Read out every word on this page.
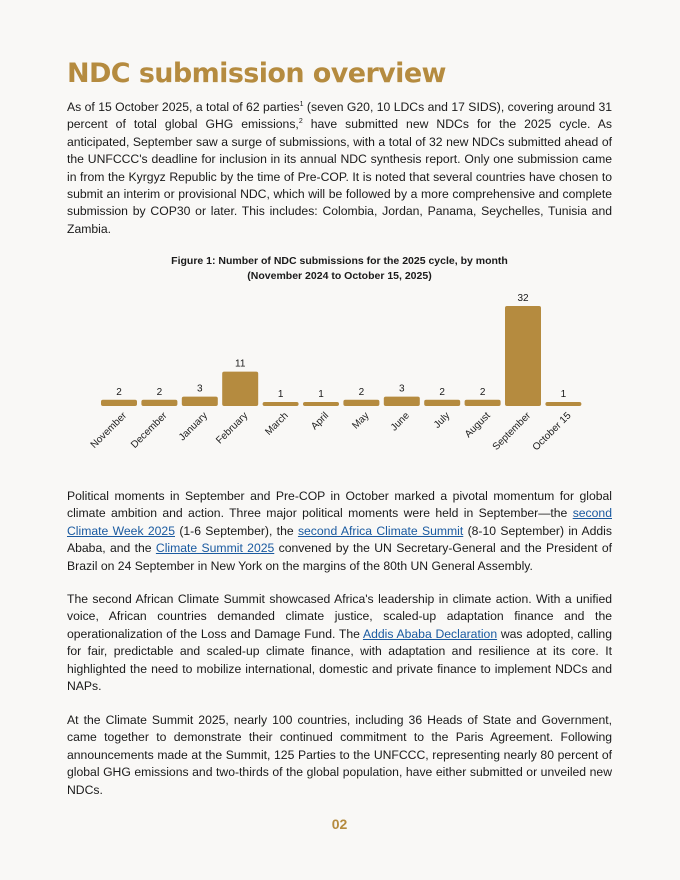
NDC submission overview

As of 15 October 2025, a total of 62 parties$^1$ (seven G20, 10 LDCs and 17 SIDS), covering around 31 percent of total global GHG emissions,$^2$ have submitted new NDCs for the 2025 cycle. As anticipated, September saw a surge of submissions, with a total of 32 new NDCs submitted ahead of the UNFCCC's deadline for inclusion in its annual NDC synthesis report. Only one submission came in from the Kyrgyz Republic by the time of Pre-COP. It is noted that several countries have chosen to submit an interim or provisional NDC, which will be followed by a more comprehensive and complete submission by COP30 or later. This includes: Colombia, Jordan, Panama, Seychelles, Tunisia and Zambia.

Figure 1: Number of NDC submissions for the 2025 cycle, by month
(November 2024 to October 15, 2025)
2
November
2
December
3
January
11
February
1
March
1
April
2
May
3
June
2
July
2
August
32
September
1
October 15

Political moments in September and Pre-COP in October marked a pivotal momentum for global climate ambition and action. Three major political moments were held in September—the second Climate Week 2025 (1-6 September), the second Africa Climate Summit (8-10 September) in Addis Ababa, and the Climate Summit 2025 convened by the UN Secretary-General and the President of Brazil on 24 September in New York on the margins of the 80th UN General Assembly.

The second African Climate Summit showcased Africa's leadership in climate action. With a unified voice, African countries demanded climate justice, scaled-up adaptation finance and the operationalization of the Loss and Damage Fund. The Addis Ababa Declaration was adopted, calling for fair, predictable and scaled-up climate finance, with adaptation and resilience at its core. It highlighted the need to mobilize international, domestic and private finance to implement NDCs and NAPs.

At the Climate Summit 2025, nearly 100 countries, including 36 Heads of State and Government, came together to demonstrate their continued commitment to the Paris Agreement. Following announcements made at the Summit, 125 Parties to the UNFCCC, representing nearly 80 percent of global GHG emissions and two-thirds of the global population, have either submitted or unveiled new NDCs.

02
